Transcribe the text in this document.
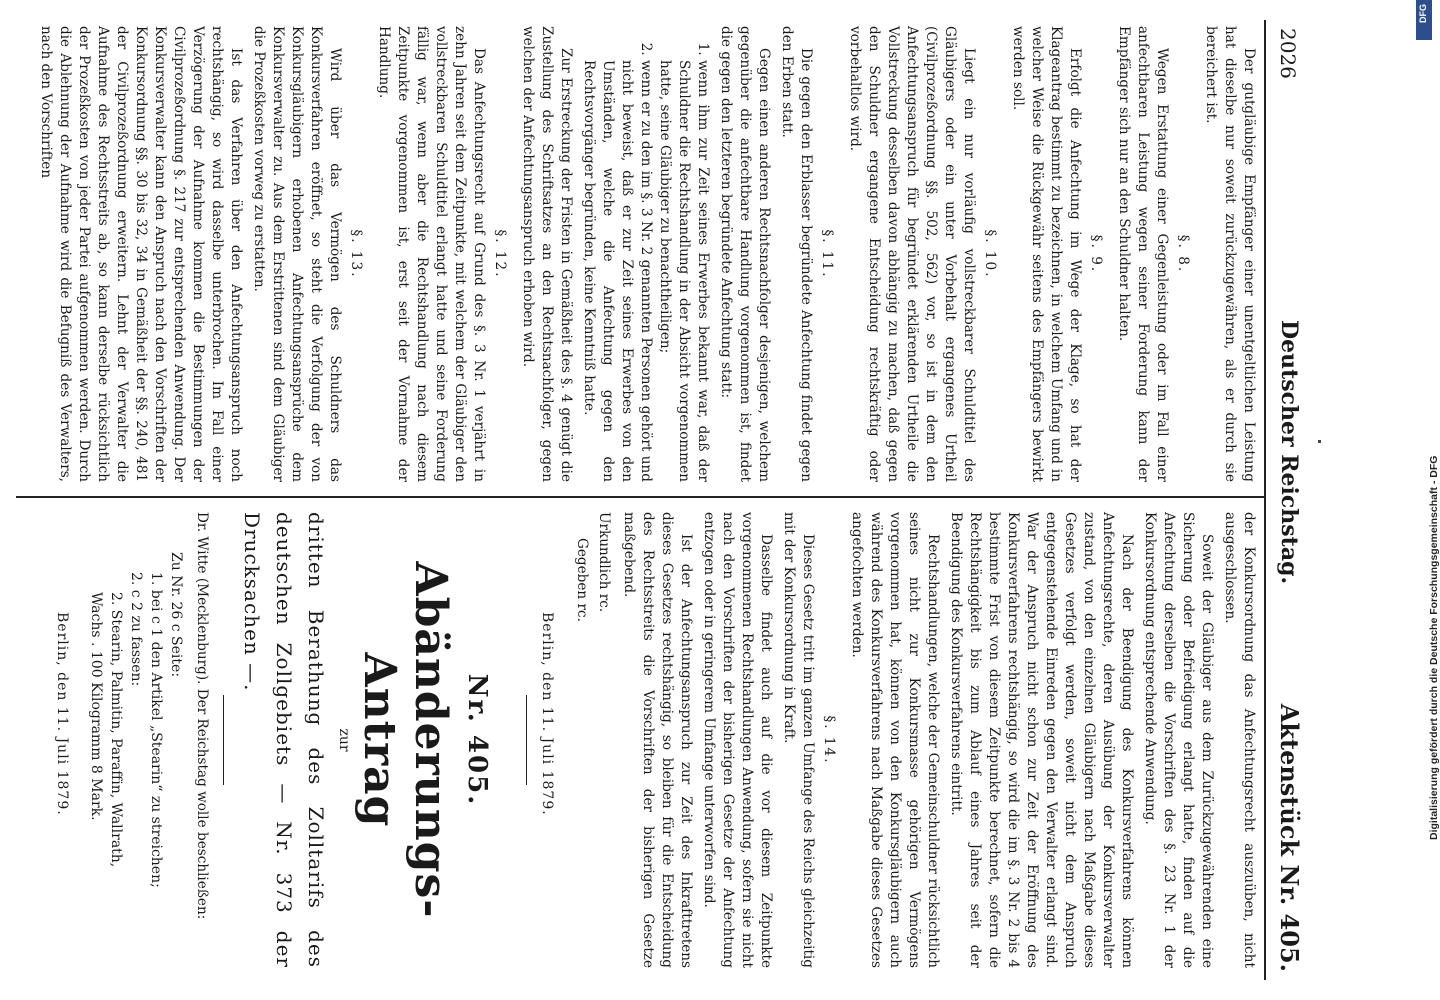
2026
Deutscher Reichstag.
Aktenstück Nr. 405.

Der gutgläubige Empfänger einer unentgeltlichen Leistung hat dieselbe nur soweit zurückzugewähren, als er durch sie bereichert ist.

§. 8.

Wegen Erstattung einer Gegenleistung oder im Fall einer anfechtbaren Leistung wegen seiner Forderung kann der Empfänger sich nur an den Schuldner halten.

§. 9.

Erfolgt die Anfechtung im Wege der Klage, so hat der Klageantrag bestimmt zu bezeichnen, in welchem Umfang und in welcher Weise die Rückgewähr seitens des Empfängers bewirkt werden soll.

§. 10.

Liegt ein nur vorläufig vollstreckbarer Schuldtitel des Gläubigers oder ein unter Vorbehalt ergangenes Urtheil (Civilprozeßordnung §§. 502, 562) vor, so ist in dem den Anfechtungsanspruch für begründet erklärenden Urtheile die Vollstreckung desselben davon abhängig zu machen, daß gegen den Schuldner ergangene Entscheidung rechtskräftig oder vorbehaltlos wird.

§. 11.

Die gegen den Erblasser begründete Anfechtung findet gegen den Erben statt.

Gegen einen anderen Rechtsnachfolger desjenigen, welchem gegenüber die anfechtbare Handlung vorgenommen ist, findet die gegen den letzteren begründete Anfechtung statt:

1. wenn ihm zur Zeit seines Erwerbes bekannt war, daß der Schuldner die Rechtshandlung in der Absicht vorgenommen hatte, seine Gläubiger zu benachtheiligen;
2. wenn er zu den im §. 3 Nr. 2 genannten Personen gehört und nicht beweist, daß er zur Zeit seines Erwerbes von den Umständen, welche die Anfechtung gegen den Rechtsvorgänger begründen, keine Kenntniß hatte.

Zur Erstreckung der Fristen in Gemäßheit des §. 4 genügt die Zustellung des Schriftsatzes an den Rechtsnachfolger, gegen welchen der Anfechtungsanspruch erhoben wird.

§. 12.

Das Anfechtungsrecht auf Grund des §. 3 Nr. 1 verjährt in zehn Jahren seit dem Zeitpunkte, mit welchem der Gläubiger den vollstreckbaren Schuldtitel erlangt hatte und seine Forderung fällig war, wenn aber die Rechtshandlung nach diesem Zeitpunkte vorgenommen ist, erst seit der Vornahme der Handlung.

§. 13.

Wird über das Vermögen des Schuldners das Konkursverfahren eröffnet, so steht die Verfolgung der von Konkursgläubigern erhobenen Anfechtungsansprüche dem Konkursverwalter zu. Aus dem Erstrittenen sind dem Gläubiger die Prozeßkosten vorweg zu erstatten.

Ist das Verfahren über den Anfechtungsanspruch noch rechtshängig, so wird dasselbe unterbrochen. Im Fall einer Verzögerung der Aufnahme kommen die Bestimmungen der Civilprozeßordnung §. 217 zur entsprechenden Anwendung. Der Konkursverwalter kann den Anspruch nach den Vorschriften der Konkursordnung §§. 30 bis 32, 34 in Gemäßheit der §§. 240, 481 der Civilprozeßordnung erweitern. Lehnt der Verwalter die Aufnahme des Rechtsstreits ab, so kann derselbe rücksichtlich der Prozeßkosten von jeder Partei aufgenommen werden. Durch die Ablehnung der Aufnahme wird die Befugniß des Verwalters, nach den Vorschriften

der Konkursordnung das Anfechtungsrecht auszuüben, nicht ausgeschlossen.

Soweit der Gläubiger aus dem Zurückzugewährenden eine Sicherung oder Befriedigung erlangt hatte, finden auf die Anfechtung derselben die Vorschriften des §. 23 Nr. 1 der Konkursordnung entsprechende Anwendung.

Nach der Beendigung des Konkursverfahrens können Anfechtungsrechte, deren Ausübung der Konkursverwalter zustand, von den einzelnen Gläubigern nach Maßgabe dieses Gesetzes verfolgt werden, soweit nicht dem Anspruch entgegenstehende Einreden gegen den Verwalter erlangt sind. War der Anspruch nicht schon zur Zeit der Eröffnung des Konkursverfahrens rechtshängig, so wird die im §. 3 Nr. 2 bis 4 bestimmte Frist von diesem Zeitpunkte berechnet, sofern die Rechtshängigkeit bis zum Ablauf eines Jahres seit der Beendigung des Konkursverfahrens eintritt.

Rechtshandlungen, welche der Gemeinschuldner rücksichtlich seines nicht zur Konkursmasse gehörigen Vermögens vorgenommen hat, können von den Konkursgläubigern auch während des Konkursverfahrens nach Maßgabe dieses Gesetzes angefochten werden.

§. 14.

Dieses Gesetz tritt im ganzen Umfange des Reichs gleichzeitig mit der Konkursordnung in Kraft.

Dasselbe findet auch auf die vor diesem Zeitpunkte vorgenommenen Rechtshandlungen Anwendung, sofern sie nicht nach den Vorschriften der bisherigen Gesetze der Anfechtung entzogen oder in geringerem Umfange unterworfen sind.

Ist der Anfechtungsanspruch zur Zeit des Inkrafttretens dieses Gesetzes rechtshängig, so bleiben für die Entscheidung des Rechtsstreits die Vorschriften der bisherigen Gesetze maßgebend.

Urkundlich rc.
Gegeben rc.
Berlin, den 11. Juli 1879.
Nr. 405.
Abänderungs-Antrag
zur
dritten Berathung des Zolltarifs des deutschen Zollgebiets — Nr. 373 der Drucksachen —.

Dr. Witte (Mecklenburg). Der Reichstag wolle beschließen:

Zu Nr. 26 c Seite:
1. bei c 1 den Artikel „Stearin“ zu streichen;
2. c 2 zu fassen:
2. Stearin, Palmitin, Paraffin, Wallrath,
Wachs . 100 Kilogramm 8 Mark.
Berlin, den 11. Juli 1879.	Digitalisierung gefördert durch die Deutsche Forschungsgemeinschaft - DFG
DFG
